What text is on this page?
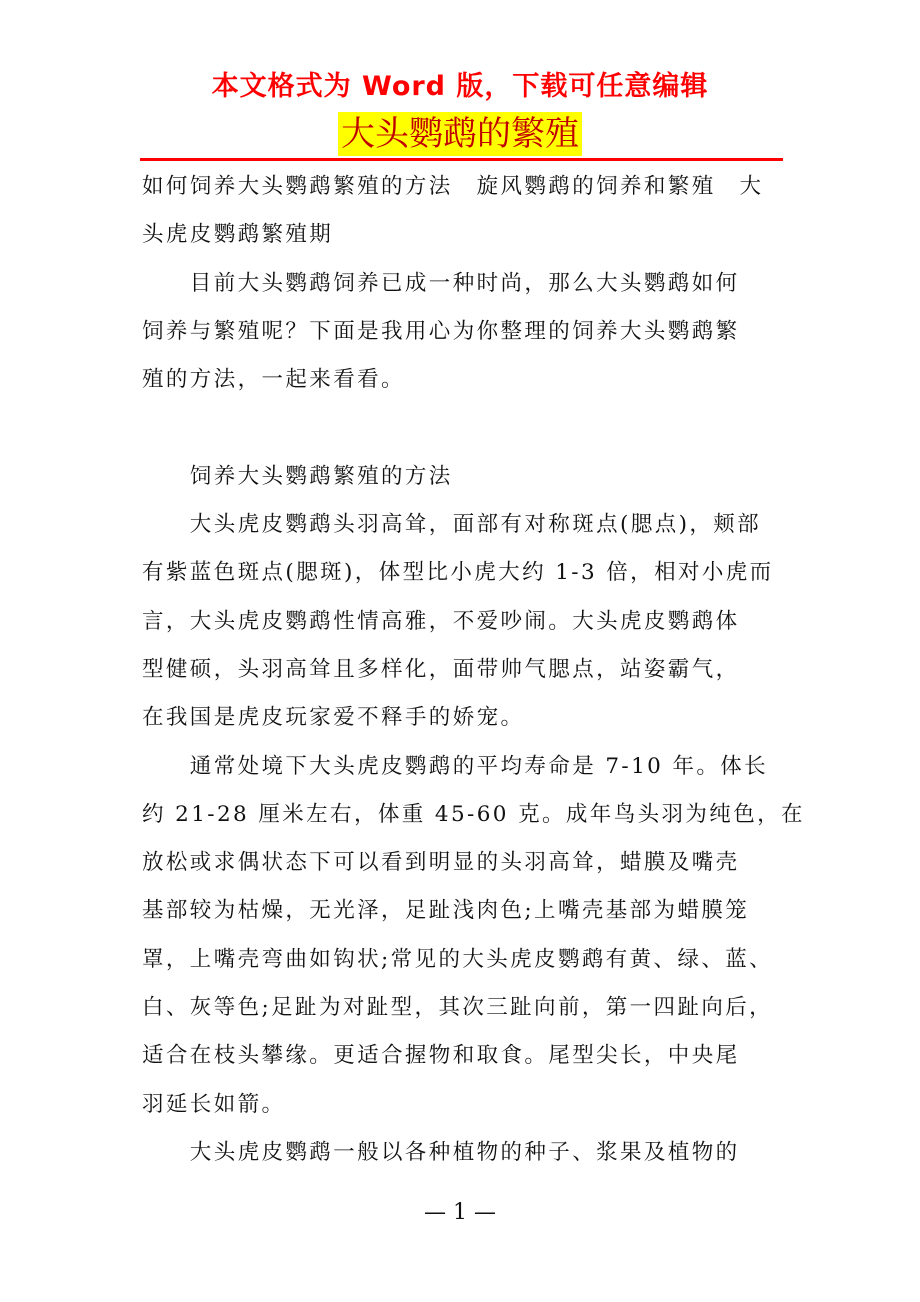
本文格式为 Word 版，下载可任意编辑
大头鹦鹉的繁殖
如何饲养大头鹦鹉繁殖的方法　旋风鹦鹉的饲养和繁殖　大
头虎皮鹦鹉繁殖期
　　目前大头鹦鹉饲养已成一种时尚，那么大头鹦鹉如何
饲养与繁殖呢？下面是我用心为你整理的饲养大头鹦鹉繁
殖的方法，一起来看看。
　　饲养大头鹦鹉繁殖的方法
　　大头虎皮鹦鹉头羽高耸，面部有对称斑点(腮点)，颊部
有紫蓝色斑点(腮斑)，体型比小虎大约 1-3 倍，相对小虎而
言，大头虎皮鹦鹉性情高雅，不爱吵闹。大头虎皮鹦鹉体
型健硕，头羽高耸且多样化，面带帅气腮点，站姿霸气，
在我国是虎皮玩家爱不释手的娇宠。
　　通常处境下大头虎皮鹦鹉的平均寿命是 7-10 年。体长
约 21-28 厘米左右，体重 45-60 克。成年鸟头羽为纯色，在
放松或求偶状态下可以看到明显的头羽高耸，蜡膜及嘴壳
基部较为枯燥，无光泽，足趾浅肉色;上嘴壳基部为蜡膜笼
罩，上嘴壳弯曲如钩状;常见的大头虎皮鹦鹉有黄、绿、蓝、
白、灰等色;足趾为对趾型，其次三趾向前，第一四趾向后，
适合在枝头攀缘。更适合握物和取食。尾型尖长，中央尾
羽延长如箭。
　　大头虎皮鹦鹉一般以各种植物的种子、浆果及植物的
— 1 —
